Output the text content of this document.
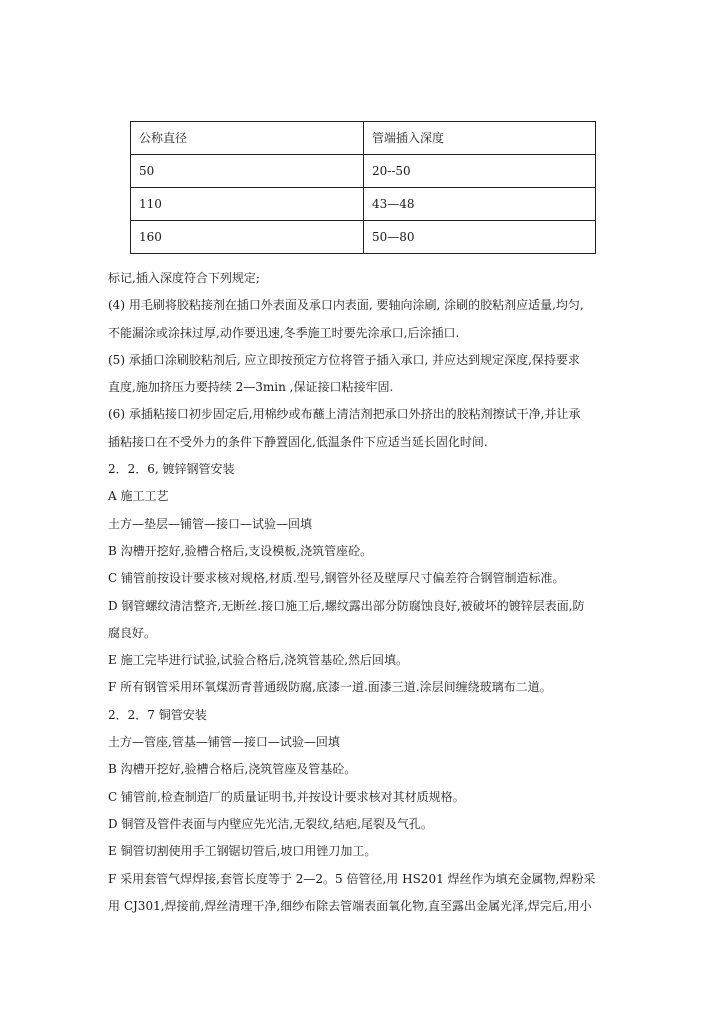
公称直径	管端插入深度
50	20--50
110	43—48
160	50—80
标记,插入深度符合下列规定;
(4) 用毛刷将胶粘接剂在插口外表面及承口内表面, 要轴向涂刷, 涂刷的胶粘剂应适量,均匀,
不能漏涂或涂抹过厚,动作要迅速,冬季施工时要先涂承口,后涂插口.
(5) 承插口涂刷胶粘剂后, 应立即按预定方位将管子插入承口, 并应达到规定深度,保持要求
直度,施加挤压力要持续 2—3min ,保证接口粘接牢固.
(6) 承插粘接口初步固定后,用棉纱或布蘸上清洁剂把承口外挤出的胶粘剂擦试干净,并让承
插粘接口在不受外力的条件下静置固化,低温条件下应适当延长固化时间.
2．2．6, 镀锌钢管安装
A 施工工艺
土方—垫层—铺管—接口—试验—回填
B 沟槽开挖好,验槽合格后,支设模板,浇筑管座砼。
C 铺管前按设计要求核对规格,材质.型号,钢管外径及壁厚尺寸偏差符合钢管制造标准。
D 钢管螺纹清洁整齐,无断丝.接口施工后,螺纹露出部分防腐蚀良好,被破坏的镀锌层表面,防
腐良好。
E 施工完毕进行试验,试验合格后,浇筑管基砼,然后回填。
F 所有钢管采用环氧煤沥青普通级防腐,底漆一道.面漆三道.涂层间缠绕玻璃布二道。
2．2．7 铜管安装
土方—管座,管基—铺管—接口—试验—回填
B 沟槽开挖好,验槽合格后,浇筑管座及管基砼。
C 铺管前,检查制造厂的质量证明书,并按设计要求核对其材质规格。
D 铜管及管件表面与内壁应先光洁,无裂纹,结疤,尾裂及气孔。
E 铜管切割使用手工钢锯切管后,坡口用锉刀加工。
F 采用套管气焊焊接,套管长度等于 2—2。5 倍管径,用 HS201 焊丝作为填充金属物,焊粉采
用 CJ301,焊接前,焊丝清理干净,细纱布除去管端表面氧化物,直至露出金属光泽,焊完后,用小
